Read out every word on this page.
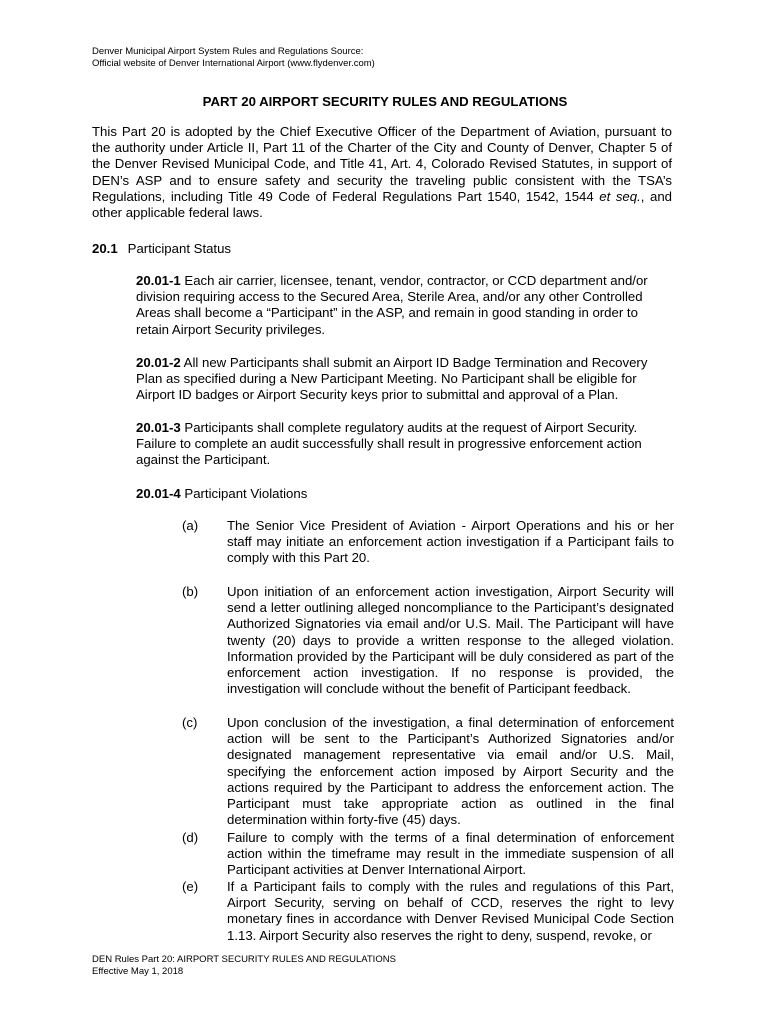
Denver Municipal Airport System Rules and Regulations Source:
Official website of Denver International Airport (www.flydenver.com)
PART 20 AIRPORT SECURITY RULES AND REGULATIONS
This Part 20 is adopted by the Chief Executive Officer of the Department of Aviation, pursuant to the authority under Article II, Part 11 of the Charter of the City and County of Denver, Chapter 5 of the Denver Revised Municipal Code, and Title 41, Art. 4, Colorado Revised Statutes, in support of DEN’s ASP and to ensure safety and security the traveling public consistent with the TSA’s Regulations, including Title 49 Code of Federal Regulations Part 1540, 1542, 1544 et seq., and other applicable federal laws.
20.1 Participant Status
20.01-1 Each air carrier, licensee, tenant, vendor, contractor, or CCD department and/or division requiring access to the Secured Area, Sterile Area, and/or any other Controlled Areas shall become a “Participant” in the ASP, and remain in good standing in order to retain Airport Security privileges.
20.01-2 All new Participants shall submit an Airport ID Badge Termination and Recovery Plan as specified during a New Participant Meeting. No Participant shall be eligible for Airport ID badges or Airport Security keys prior to submittal and approval of a Plan.
20.01-3 Participants shall complete regulatory audits at the request of Airport Security. Failure to complete an audit successfully shall result in progressive enforcement action against the Participant.
20.01-4 Participant Violations
(a)	The Senior Vice President of Aviation - Airport Operations and his or her staff may initiate an enforcement action investigation if a Participant fails to comply with this Part 20.
(b)	Upon initiation of an enforcement action investigation, Airport Security will send a letter outlining alleged noncompliance to the Participant’s designated Authorized Signatories via email and/or U.S. Mail. The Participant will have twenty (20) days to provide a written response to the alleged violation. Information provided by the Participant will be duly considered as part of the enforcement action investigation. If no response is provided, the investigation will conclude without the benefit of Participant feedback.
(c)	Upon conclusion of the investigation, a final determination of enforcement action will be sent to the Participant’s Authorized Signatories and/or designated management representative via email and/or U.S. Mail, specifying the enforcement action imposed by Airport Security and the actions required by the Participant to address the enforcement action. The Participant must take appropriate action as outlined in the final determination within forty-five (45) days.
(d)	Failure to comply with the terms of a final determination of enforcement action within the timeframe may result in the immediate suspension of all Participant activities at Denver International Airport.
(e)	If a Participant fails to comply with the rules and regulations of this Part, Airport Security, serving on behalf of CCD, reserves the right to levy monetary fines in accordance with Denver Revised Municipal Code Section 1.13. Airport Security also reserves the right to deny, suspend, revoke, or
DEN Rules Part 20: AIRPORT SECURITY RULES AND REGULATIONS
Effective May 1, 2018
